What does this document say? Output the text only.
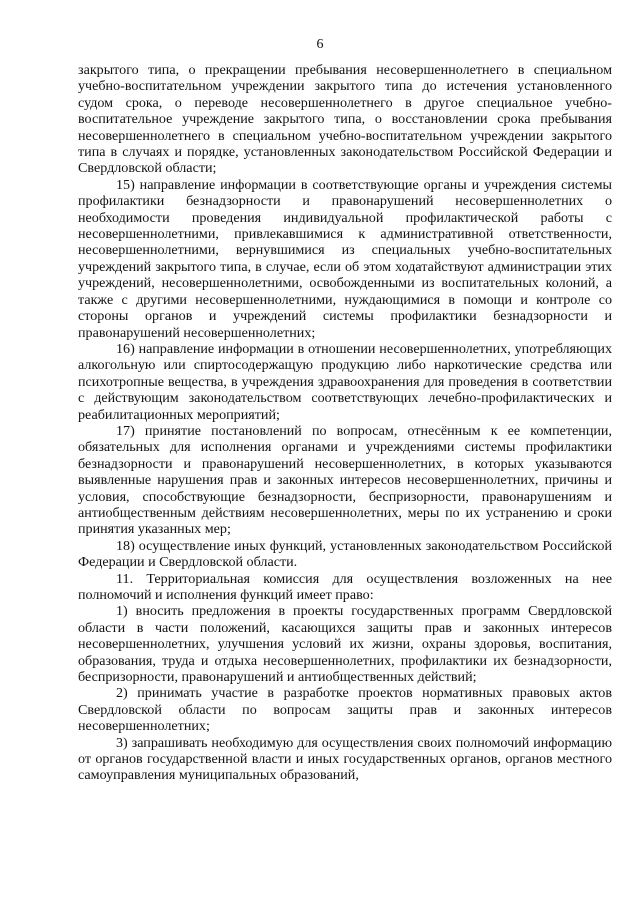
6

закрытого типа, о прекращении пребывания несовершеннолетнего в специальном учебно-воспитательном учреждении закрытого типа до истечения установленного судом срока, о переводе несовершеннолетнего в другое специальное учебно-воспитательное учреждение закрытого типа, о восстановлении срока пребывания несовершеннолетнего в специальном учебно-воспитательном учреждении закрытого типа в случаях и порядке, установленных законодательством Российской Федерации и Свердловской области;

15) направление информации в соответствующие органы и учреждения системы профилактики безнадзорности и правонарушений несовершеннолетних о необходимости проведения индивидуальной профилактической работы с несовершеннолетними, привлекавшимися к административной ответственности, несовершеннолетними, вернувшимися из специальных учебно-воспитательных учреждений закрытого типа, в случае, если об этом ходатайствуют администрации этих учреждений, несовершеннолетними, освобожденными из воспитательных колоний, а также с другими несовершеннолетними, нуждающимися в помощи и контроле со стороны органов и учреждений системы профилактики безнадзорности и правонарушений несовершеннолетних;

16) направление информации в отношении несовершеннолетних, употребляющих алкогольную или спиртосодержащую продукцию либо наркотические средства или психотропные вещества, в учреждения здравоохранения для проведения в соответствии с действующим законодательством соответствующих лечебно-профилактических и реабилитационных мероприятий;

17) принятие постановлений по вопросам, отнесённым к ее компетенции, обязательных для исполнения органами и учреждениями системы профилактики безнадзорности и правонарушений несовершеннолетних, в которых указываются выявленные нарушения прав и законных интересов несовершеннолетних, причины и условия, способствующие безнадзорности, беспризорности, правонарушениям и антиобщественным действиям несовершеннолетних, меры по их устранению и сроки принятия указанных мер;

18) осуществление иных функций, установленных законодательством Российской Федерации и Свердловской области.

11. Территориальная комиссия для осуществления возложенных на нее полномочий и исполнения функций имеет право:

1) вносить предложения в проекты государственных программ Свердловской области в части положений, касающихся защиты прав и законных интересов несовершеннолетних, улучшения условий их жизни, охраны здоровья, воспитания, образования, труда и отдыха несовершеннолетних, профилактики их безнадзорности, беспризорности, правонарушений и антиобщественных действий;

2) принимать участие в разработке проектов нормативных правовых актов Свердловской области по вопросам защиты прав и законных интересов несовершеннолетних;

3) запрашивать необходимую для осуществления своих полномочий информацию от органов государственной власти и иных государственных органов, органов местного самоуправления муниципальных образований,
